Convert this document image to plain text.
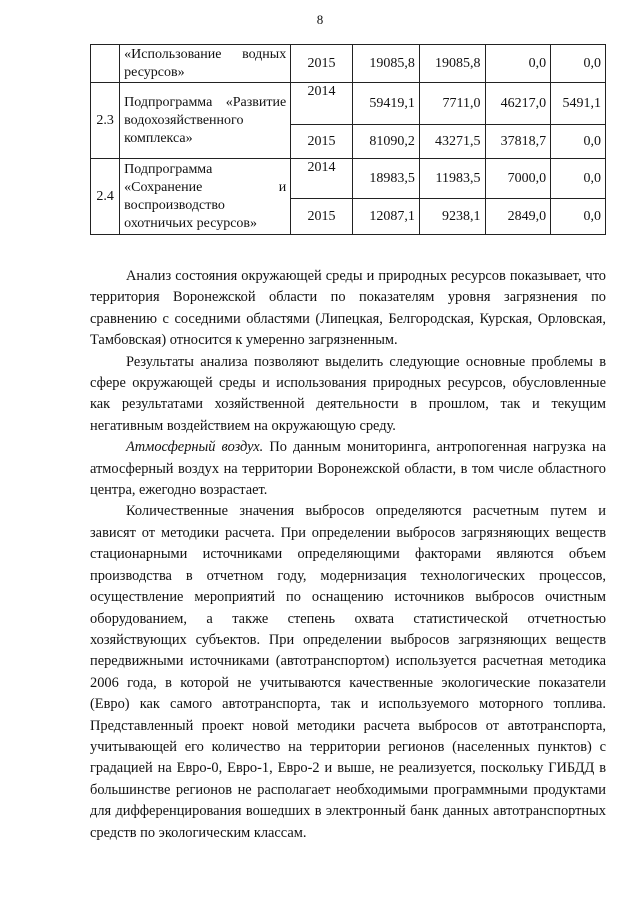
8
	«Использование водных ресурсов»	2015	19085,8	19085,8	0,0	0,0
2.3	Подпрограмма «Развитие водохозяйственного комплекса»	2014	59419,1	7711,0	46217,0	5491,1
		2015	81090,2	43271,5	37818,7	0,0
2.4	Подпрограмма «Сохранение и воспроизводство охотничьих ресурсов»	2014	18983,5	11983,5	7000,0	0,0
		2015	12087,1	9238,1	2849,0	0,0

Анализ состояния окружающей среды и природных ресурсов показывает, что территория Воронежской области по показателям уровня загрязнения по сравнению с соседними областями (Липецкая, Белгородская, Курская, Орловская, Тамбовская) относится к умеренно загрязненным.

Результаты анализа позволяют выделить следующие основные проблемы в сфере окружающей среды и использования природных ресурсов, обусловленные как результатами хозяйственной деятельности в прошлом, так и текущим негативным воздействием на окружающую среду.

Атмосферный воздух. По данным мониторинга, антропогенная нагрузка на атмосферный воздух на территории Воронежской области, в том числе областного центра, ежегодно возрастает.

Количественные значения выбросов определяются расчетным путем и зависят от методики расчета. При определении выбросов загрязняющих веществ стационарными источниками определяющими факторами являются объем производства в отчетном году, модернизация технологических процессов, осуществление мероприятий по оснащению источников выбросов очистным оборудованием, а также степень охвата статистической отчетностью хозяйствующих субъектов. При определении выбросов загрязняющих веществ передвижными источниками (автотранспортом) используется расчетная методика 2006 года, в которой не учитываются качественные экологические показатели (Евро) как самого автотранспорта, так и используемого моторного топлива. Представленный проект новой методики расчета выбросов от автотранспорта, учитывающей его количество на территории регионов (населенных пунктов) с градацией на Евро-0, Евро-1, Евро-2 и выше, не реализуется, поскольку ГИБДД в большинстве регионов не располагает необходимыми программными продуктами для дифференцирования вошедших в электронный банк данных автотранспортных средств по экологическим классам.
